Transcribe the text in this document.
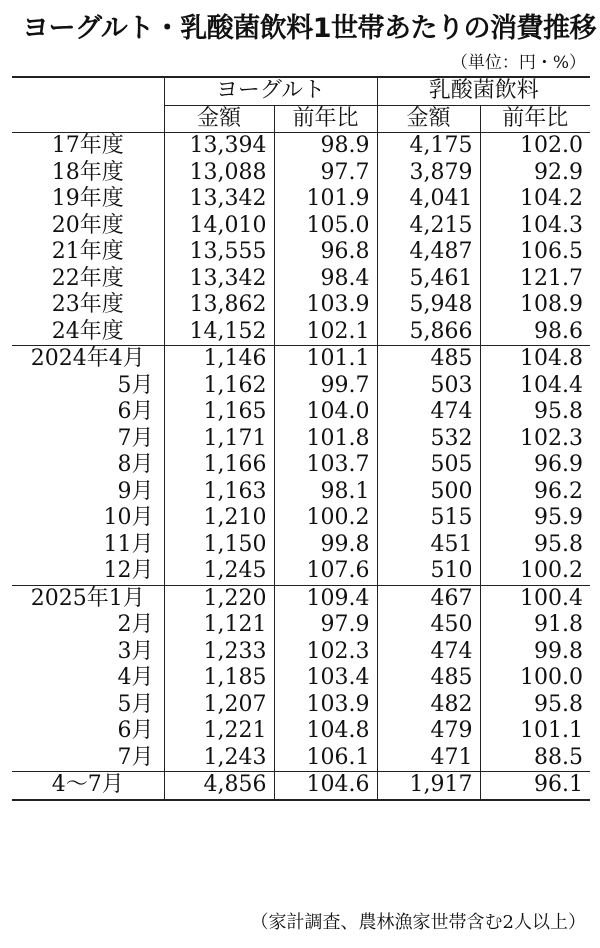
ヨーグルト・乳酸菌飲料1世帯あたりの消費推移
（単位：円・%）
	ヨーグルト		乳酸菌飲料	
	金額	前年比	金額	前年比
17年度	13,394	98.9	4,175	102.0
18年度	13,088	97.7	3,879	92.9
19年度	13,342	101.9	4,041	104.2
20年度	14,010	105.0	4,215	104.3
21年度	13,555	96.8	4,487	106.5
22年度	13,342	98.4	5,461	121.7
23年度	13,862	103.9	5,948	108.9
24年度	14,152	102.1	5,866	98.6
2024年4月	1,146	101.1	485	104.8
5月	1,162	99.7	503	104.4
6月	1,165	104.0	474	95.8
7月	1,171	101.8	532	102.3
8月	1,166	103.7	505	96.9
9月	1,163	98.1	500	96.2
10月	1,210	100.2	515	95.9
11月	1,150	99.8	451	95.8
12月	1,245	107.6	510	100.2
2025年1月	1,220	109.4	467	100.4
2月	1,121	97.9	450	91.8
3月	1,233	102.3	474	99.8
4月	1,185	103.4	485	100.0
5月	1,207	103.9	482	95.8
6月	1,221	104.8	479	101.1
7月	1,243	106.1	471	88.5
4～7月	4,856	104.6	1,917	96.1
（家計調査、農林漁家世帯含む2人以上）
